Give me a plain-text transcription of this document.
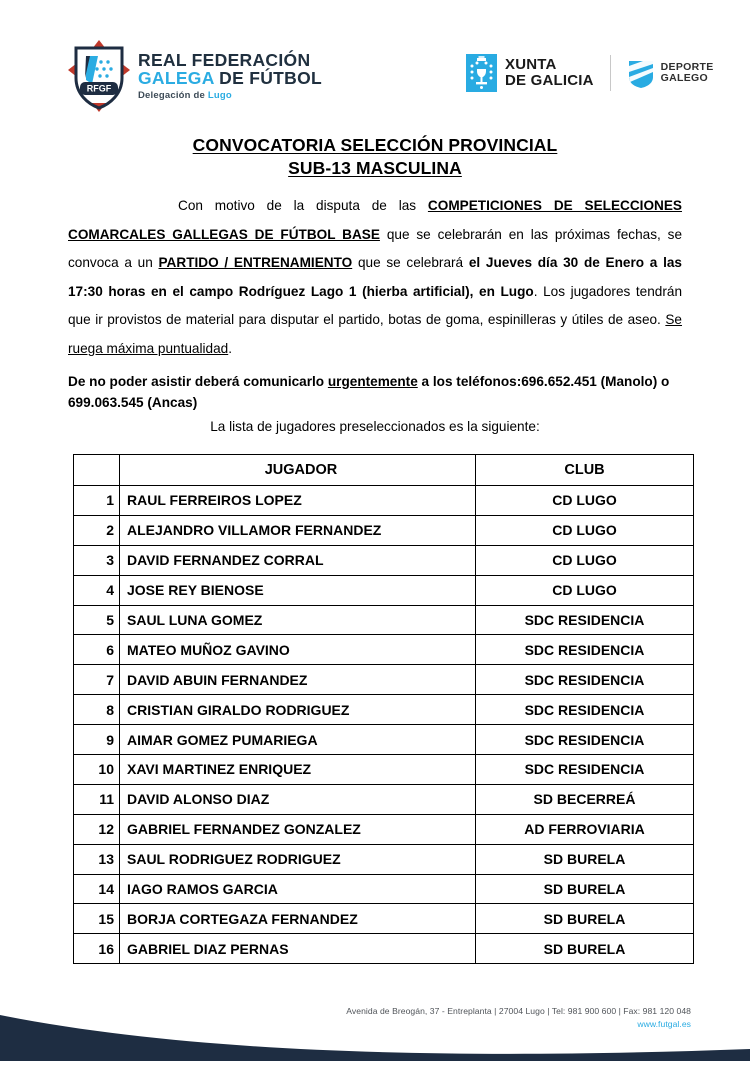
RFGF
REAL FEDERACIÓN
GALEGA DE FÚTBOL
Delegación de Lugo
XUNTA
DE GALICIA
DEPORTE
GALEGO
CONVOCATORIA SELECCIÓN PROVINCIAL
SUB-13 MASCULINA
Con motivo de la disputa de las COMPETICIONES DE SELECCIONES COMARCALES GALLEGAS DE FÚTBOL BASE que se celebrarán en las próximas fechas, se convoca a un PARTIDO / ENTRENAMIENTO que se celebrará el Jueves día 30 de Enero a las 17:30 horas en el campo Rodríguez Lago 1 (hierba artificial), en Lugo. Los jugadores tendrán que ir provistos de material para disputar el partido, botas de goma, espinilleras y útiles de aseo. Se ruega máxima puntualidad.
De no poder asistir deberá comunicarlo urgentemente a los teléfonos:696.652.451 (Manolo) o 699.063.545 (Ancas)
La lista de jugadores preseleccionados es la siguiente:
	JUGADOR	CLUB
1	RAUL FERREIROS LOPEZ	CD LUGO
2	ALEJANDRO VILLAMOR FERNANDEZ	CD LUGO
3	DAVID FERNANDEZ CORRAL	CD LUGO
4	JOSE REY BIENOSE	CD LUGO
5	SAUL LUNA GOMEZ	SDC RESIDENCIA
6	MATEO MUÑOZ GAVINO	SDC RESIDENCIA
7	DAVID ABUIN FERNANDEZ	SDC RESIDENCIA
8	CRISTIAN GIRALDO RODRIGUEZ	SDC RESIDENCIA
9	AIMAR GOMEZ PUMARIEGA	SDC RESIDENCIA
10	XAVI MARTINEZ ENRIQUEZ	SDC RESIDENCIA
11	DAVID ALONSO DIAZ	SD BECERREÁ
12	GABRIEL FERNANDEZ GONZALEZ	AD FERROVIARIA
13	SAUL RODRIGUEZ RODRIGUEZ	SD BURELA
14	IAGO RAMOS GARCIA	SD BURELA
15	BORJA CORTEGAZA FERNANDEZ	SD BURELA
16	GABRIEL DIAZ PERNAS	SD BURELA
Avenida de Breogán, 37 - Entreplanta | 27004 Lugo | Tel: 981 900 600 | Fax: 981 120 048
www.futgal.es
